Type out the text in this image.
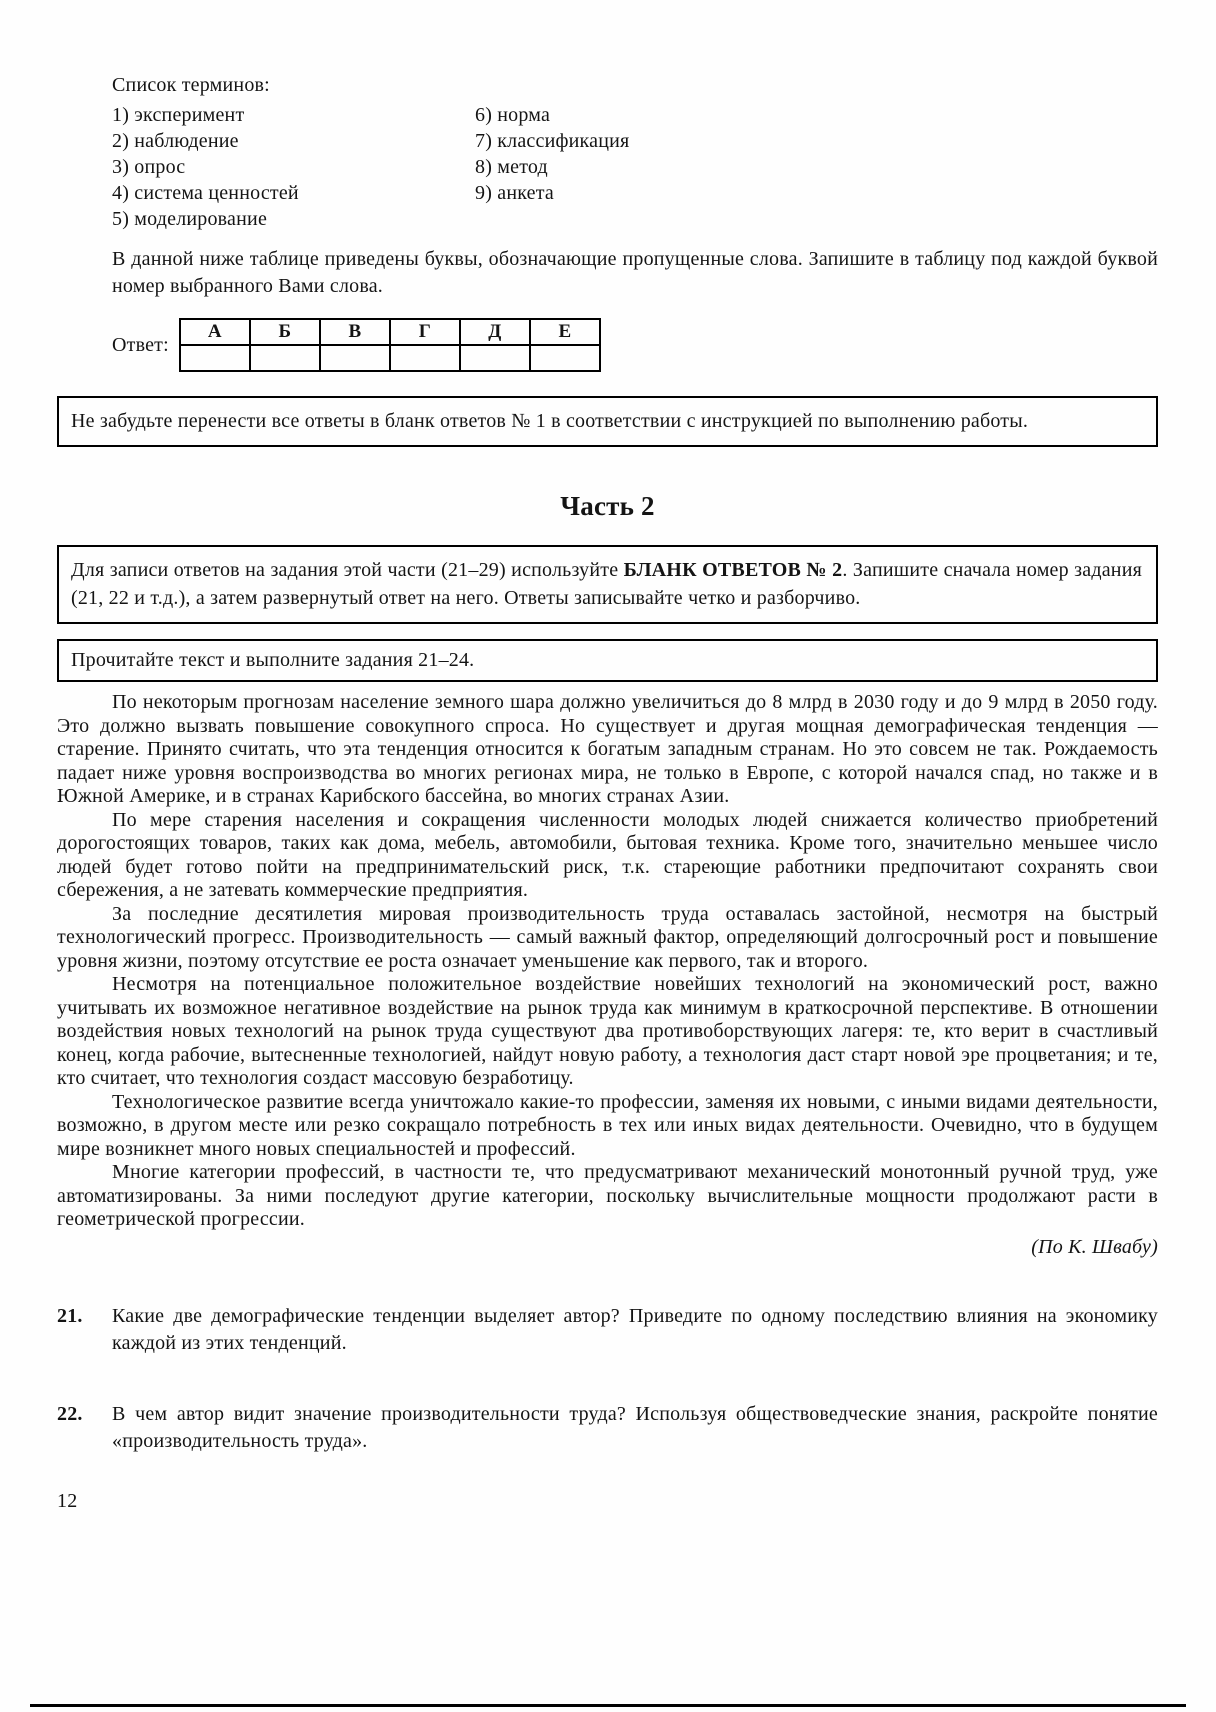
Список терминов:
1) эксперимент
2) наблюдение
3) опрос
4) система ценностей
5) моделирование
6) норма
7) классификация
8) метод
9) анкета

В данной ниже таблице приведены буквы, обозначающие пропущенные слова. Запишите в таблицу под каждой буквой номер выбранного Вами слова.

Ответ:
А	Б	В	Г	Д	Е

Не забудьте перенести все ответы в бланк ответов № 1 в соответствии с инструкцией по выполнению работы.
Часть 2
Для записи ответов на задания этой части (21–29) используйте БЛАНК ОТВЕТОВ № 2. Запишите сначала номер задания (21, 22 и т.д.), а затем развернутый ответ на него. Ответы записывайте четко и разборчиво.
Прочитайте текст и выполните задания 21–24.

По некоторым прогнозам население земного шара должно увеличиться до 8 млрд в 2030 году и до 9 млрд в 2050 году. Это должно вызвать повышение совокупного спроса. Но существует и другая мощная демографическая тенденция — старение. Принято считать, что эта тенденция относится к богатым западным странам. Но это совсем не так. Рождаемость падает ниже уровня воспроизводства во многих регионах мира, не только в Европе, с которой начался спад, но также и в Южной Америке, и в странах Карибского бассейна, во многих странах Азии.

По мере старения населения и сокращения численности молодых людей снижается количество приобретений дорогостоящих товаров, таких как дома, мебель, автомобили, бытовая техника. Кроме того, значительно меньшее число людей будет готово пойти на предпринимательский риск, т.к. стареющие работники предпочитают сохранять свои сбережения, а не затевать коммерческие предприятия.

За последние десятилетия мировая производительность труда оставалась застойной, несмотря на быстрый технологический прогресс. Производительность — самый важный фактор, определяющий долгосрочный рост и повышение уровня жизни, поэтому отсутствие ее роста означает уменьшение как первого, так и второго.

Несмотря на потенциальное положительное воздействие новейших технологий на экономический рост, важно учитывать их возможное негативное воздействие на рынок труда как минимум в краткосрочной перспективе. В отношении воздействия новых технологий на рынок труда существуют два противоборствующих лагеря: те, кто верит в счастливый конец, когда рабочие, вытесненные технологией, найдут новую работу, а технология даст старт новой эре процветания; и те, кто считает, что технология создаст массовую безработицу.

Технологическое развитие всегда уничтожало какие-то профессии, заменяя их новыми, с иными видами деятельности, возможно, в другом месте или резко сокращало потребность в тех или иных видах деятельности. Очевидно, что в будущем мире возникнет много новых специальностей и профессий.

Многие категории профессий, в частности те, что предусматривают механический монотонный ручной труд, уже автоматизированы. За ними последуют другие категории, поскольку вычислительные мощности продолжают расти в геометрической прогрессии.

(По К. Швабу)
21.	Какие две демографические тенденции выделяет автор? Приведите по одному последствию влияния на экономику каждой из этих тенденций.
22.	В чем автор видит значение производительности труда? Используя обществоведческие знания, раскройте понятие «производительность труда».
12
